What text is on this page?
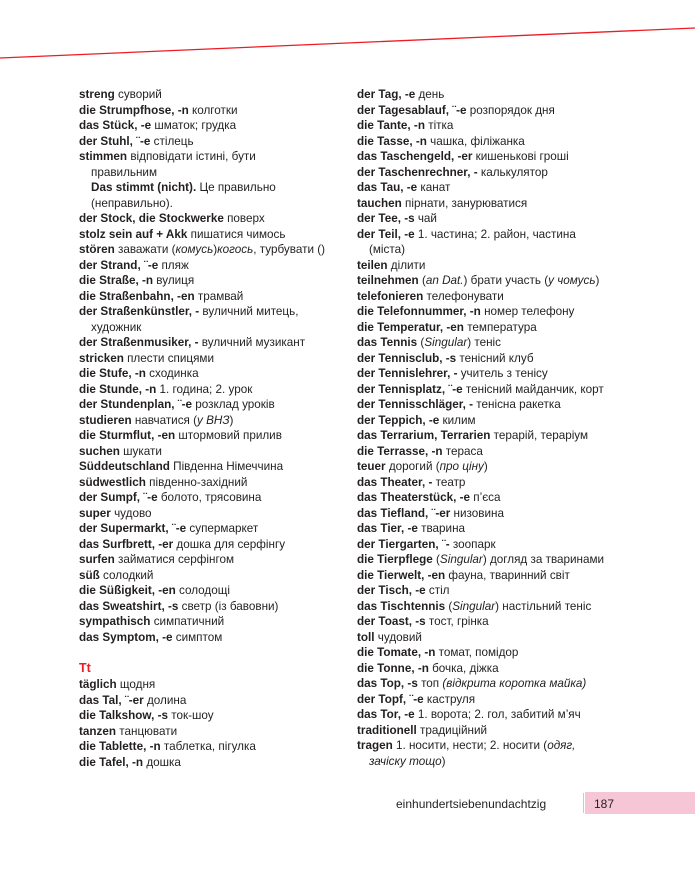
streng суворий
die Strumpfhose, -n колготки
das Stück, -e шматок; грудка
der Stuhl, ¨-e стілець
stimmen відповідати істині, бути
правильним
Das stimmt (nicht). Це правильно
(неправильно).
der Stock, die Stockwerke поверх
stolz sein auf + Akk пишатися чимось
stören заважати (комусь)когось, турбувати ()
der Strand, ¨-e пляж
die Straße, -n вулиця
die Straßenbahn, -en трамвай
der Straßenkünstler, - вуличний митець,
художник
der Straßenmusiker, - вуличний музикант
stricken плести спицями
die Stufe, -n сходинка
die Stunde, -n 1. година; 2. урок
der Stundenplan, ¨-e розклад уроків
studieren навчатися (у ВНЗ)
die Sturmflut, -en штормовий прилив
suchen шукати
Süddeutschland Південна Німеччина
südwestlich південно-західний
der Sumpf, ¨-e болото, трясовина
super чудово
der Supermarkt, ¨-e супермаркет
das Surfbrett, -er дошка для серфінгу
surfen займатися серфінгом
süß солодкий
die Süßigkeit, -en солодощі
das Sweatshirt, -s светр (із бавовни)
sympathisch симпатичний
das Symptom, -e симптом
Tt
täglich щодня
das Tal, ¨-er долина
die Talkshow, -s ток-шоу
tanzen танцювати
die Tablette, -n таблетка, пігулка
die Tafel, -n дошка
der Tag, -e день
der Tagesablauf, ¨-e розпорядок дня
die Tante, -n тітка
die Tasse, -n чашка, філіжанка
das Taschengeld, -er кишенькові гроші
der Taschenrechner, - калькулятор
das Tau, -e канат
tauchen пірнати, занурюватися
der Tee, -s чай
der Teil, -e 1. частина; 2. район, частина
(міста)
teilen ділити
teilnehmen (an Dat.) брати участь (у чомусь)
telefonieren телефонувати
die Telefonnummer, -n номер телефону
die Temperatur, -en температура
das Tennis (Singular) теніс
der Tennisclub, -s тенісний клуб
der Tennislehrer, - учитель з тенісу
der Tennisplatz, ¨-e тенісний майданчик, корт
der Tennisschläger, - тенісна ракетка
der Teppich, -e килим
das Terrarium, Terrarien терарій, тераріум
die Terrasse, -n тераса
teuer дорогий (про ціну)
das Theater, - театр
das Theaterstück, -e п’єса
das Tiefland, ¨-er низовина
das Tier, -e тварина
der Tiergarten, ¨- зоопарк
die Tierpflege (Singular) догляд за тваринами
die Tierwelt, -en фауна, тваринний світ
der Tisch, -e стіл
das Tischtennis (Singular) настільний теніс
der Toast, -s тост, грінка
toll чудовий
die Tomate, -n томат, помідор
die Tonne, -n бочка, діжка
das Top, -s топ (відкрита коротка майка)
der Topf, ¨-e каструля
das Tor, -e 1. ворота; 2. гол, забитий м’яч
traditionell традиційний
tragen 1. носити, нести; 2. носити (одяг,
зачіску тощо)
einhundertsiebenundachtzig	187
